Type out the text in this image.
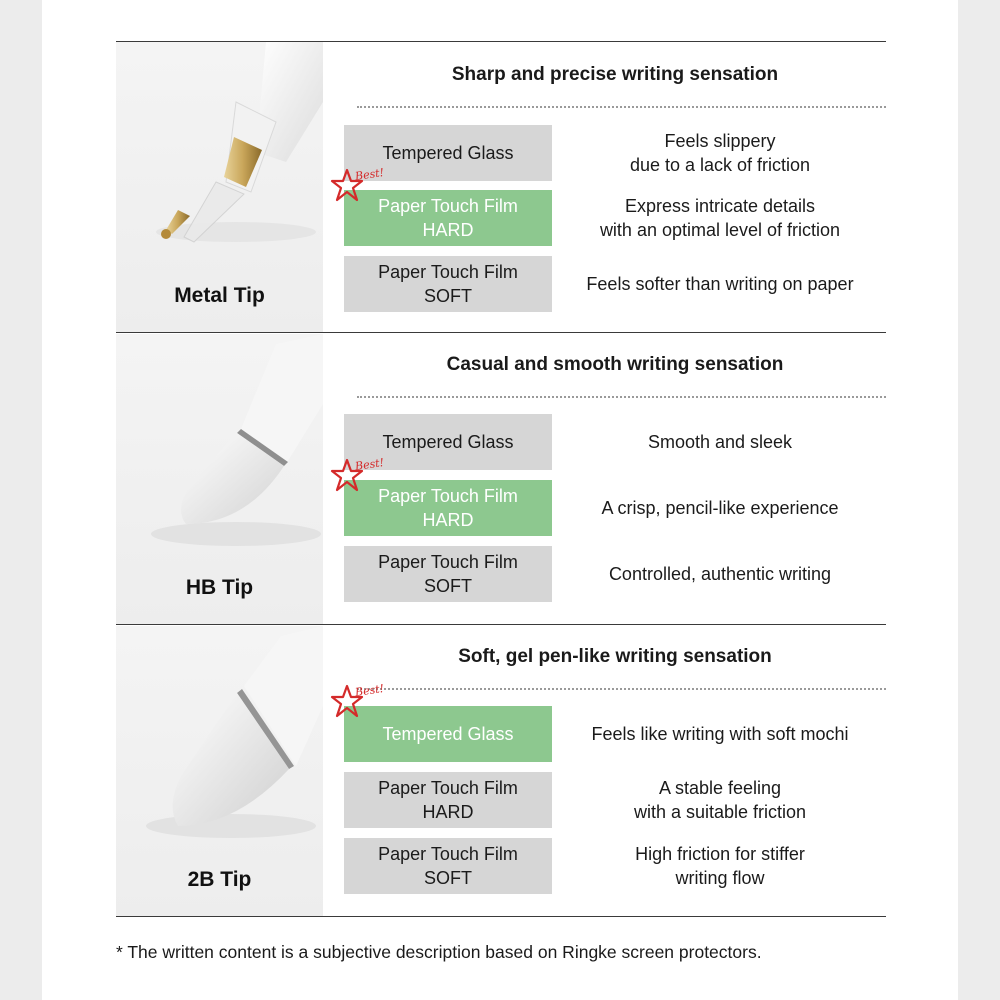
Metal Tip
Sharp and precise writing sensation
Tempered Glass
Feels slippery
due to a lack of friction
Paper Touch Film
HARD
Express intricate details
with an optimal level of friction
Best!
Paper Touch Film
SOFT
Feels softer than writing on paper
HB Tip
Casual and smooth writing sensation
Tempered Glass	Smooth and sleek
Paper Touch Film
HARD
A crisp, pencil-like experience
Best!
Paper Touch Film
SOFT
Controlled, authentic writing
2B Tip
Soft, gel pen-like writing sensation
Tempered Glass	Feels like writing with soft mochi
Best!
Paper Touch Film
HARD
A stable feeling
with a suitable friction
Paper Touch Film
SOFT
High friction for stiffer
writing flow
* The written content is a subjective description based on Ringke screen protectors.
